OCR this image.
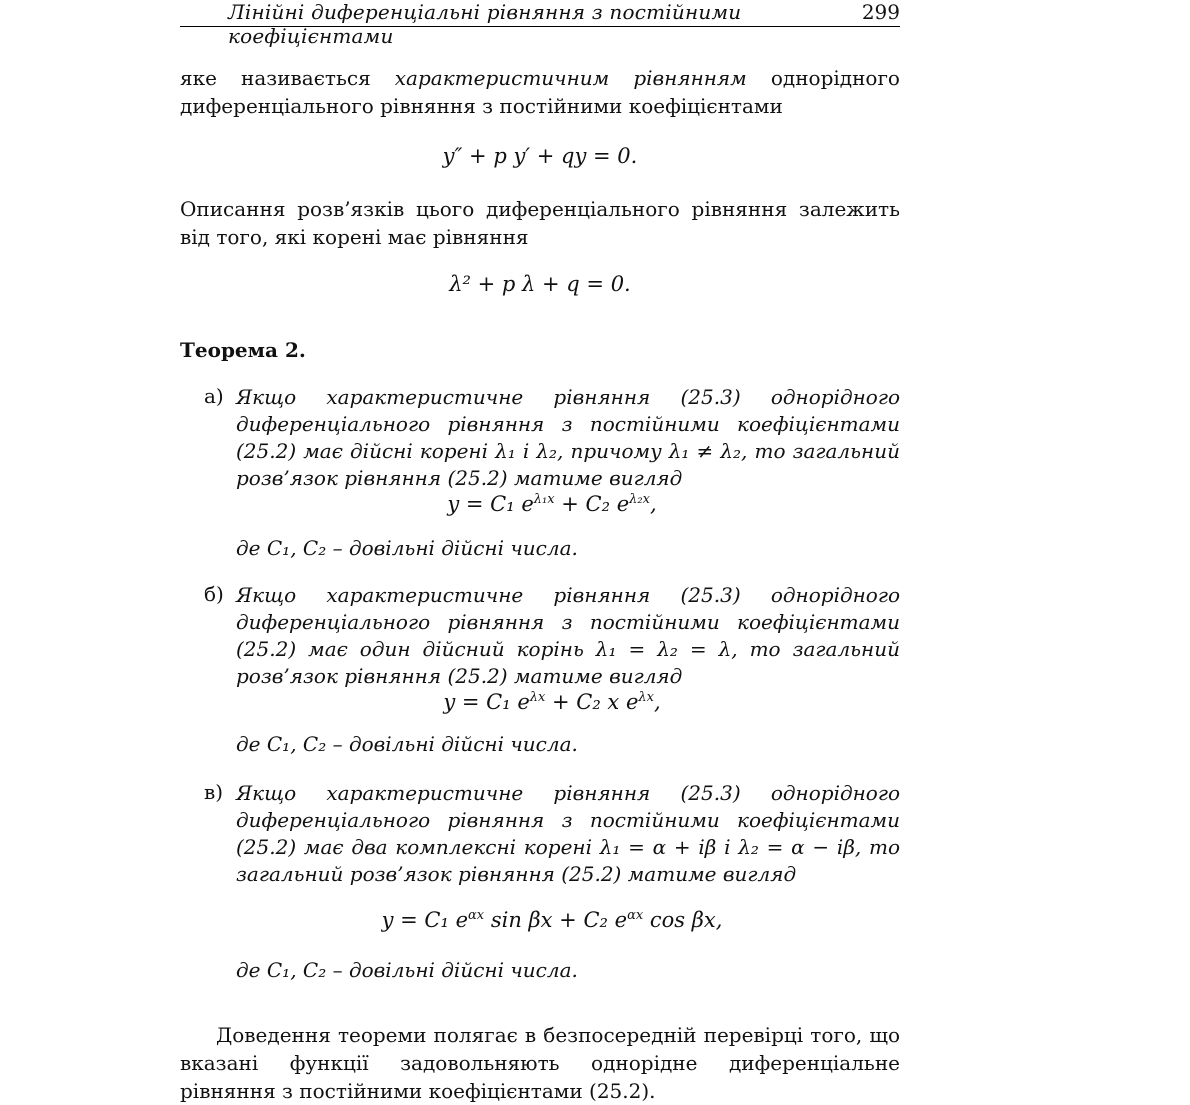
Лінійні диференціальні рівняння з постійними коефіцієнтами
299
яке називається характеристичним рівнянням однорідного диференціального рівняння з постійними коефіцієнтами
y″ + p y′ + qy = 0.
Описання розв’язків цього диференціального рівняння залежить від того, які корені має рівняння
λ² + p λ + q = 0.
Теорема 2.
а) Якщо характеристичне рівняння (25.3) однорідного диференціального рівняння з постійними коефіцієнтами (25.2) має дійсні корені λ₁ і λ₂, причому λ₁ ≠ λ₂, то загальний розв’язок рівняння (25.2) матиме вигляд
y = C₁ $e^{\lambda_1x} + C_2$ $e^{\lambda_2x}$,
де C₁, C₂ – довільні дійсні числа.
б) Якщо характеристичне рівняння (25.3) однорідного диференціального рівняння з постійними коефіцієнтами (25.2) має один дійсний корінь λ₁ = λ₂ = λ, то загальний розв’язок рівняння (25.2) матиме вигляд
y = C₁ $e^{\lambda x} + C_2$ x $e^{\lambda x}$,
де C₁, C₂ – довільні дійсні числа.
в) Якщо характеристичне рівняння (25.3) однорідного диференціального рівняння з постійними коефіцієнтами (25.2) має два комплексні корені λ₁ = α + iβ і λ₂ = α − iβ, то загальний розв’язок рівняння (25.2) матиме вигляд
y = C₁ $e^{\alpha x}$ sin βx + C₂ $e^{\alpha x}$ cos βx,
де C₁, C₂ – довільні дійсні числа.
Доведення теореми полягає в безпосередній перевірці того, що вказані функції задовольняють однорідне диференціальне рівняння з постійними коефіцієнтами (25.2).
